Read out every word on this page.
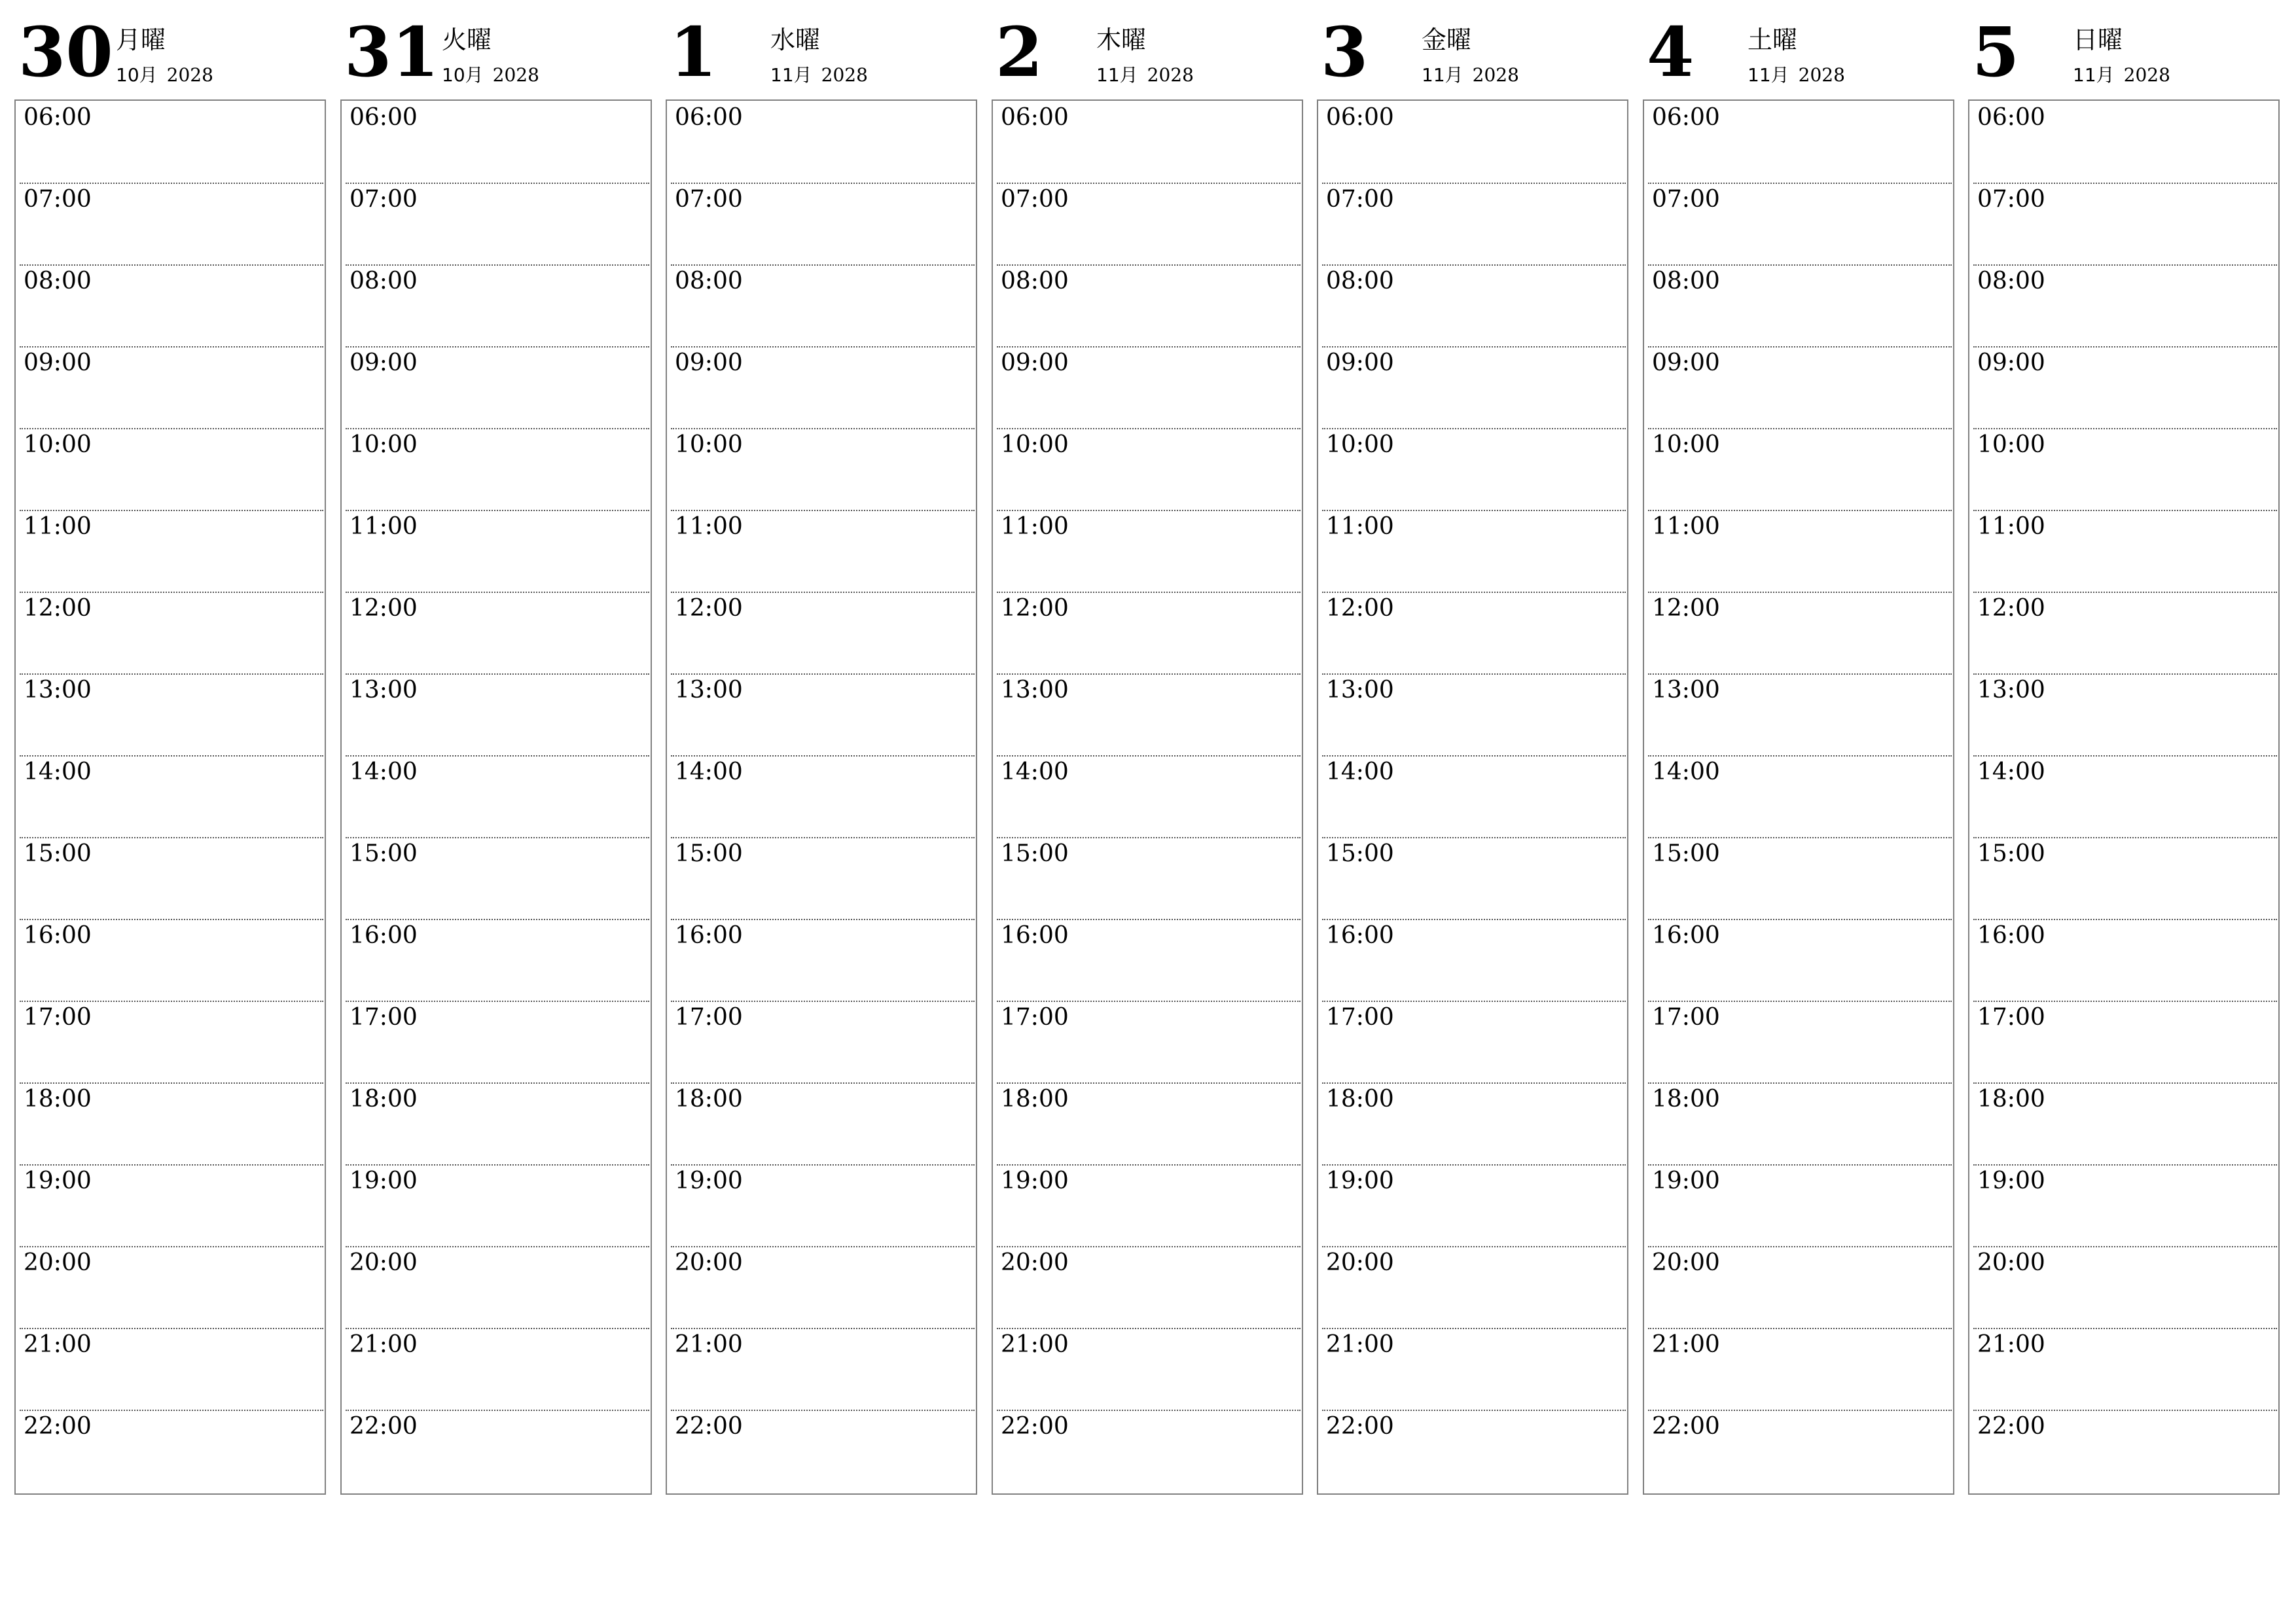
30 月曜
10月 2028
06:00
07:00
08:00
09:00
10:00
11:00
12:00
13:00
14:00
15:00
16:00
17:00
18:00
19:00
20:00
21:00
22:00
31 火曜
10月 2028
06:00
07:00
08:00
09:00
10:00
11:00
12:00
13:00
14:00
15:00
16:00
17:00
18:00
19:00
20:00
21:00
22:00
1 水曜
11月 2028
06:00
07:00
08:00
09:00
10:00
11:00
12:00
13:00
14:00
15:00
16:00
17:00
18:00
19:00
20:00
21:00
22:00
2 木曜
11月 2028
06:00
07:00
08:00
09:00
10:00
11:00
12:00
13:00
14:00
15:00
16:00
17:00
18:00
19:00
20:00
21:00
22:00
3 金曜
11月 2028
06:00
07:00
08:00
09:00
10:00
11:00
12:00
13:00
14:00
15:00
16:00
17:00
18:00
19:00
20:00
21:00
22:00
4 土曜
11月 2028
06:00
07:00
08:00
09:00
10:00
11:00
12:00
13:00
14:00
15:00
16:00
17:00
18:00
19:00
20:00
21:00
22:00
5 日曜
11月 2028
06:00
07:00
08:00
09:00
10:00
11:00
12:00
13:00
14:00
15:00
16:00
17:00
18:00
19:00
20:00
21:00
22:00
